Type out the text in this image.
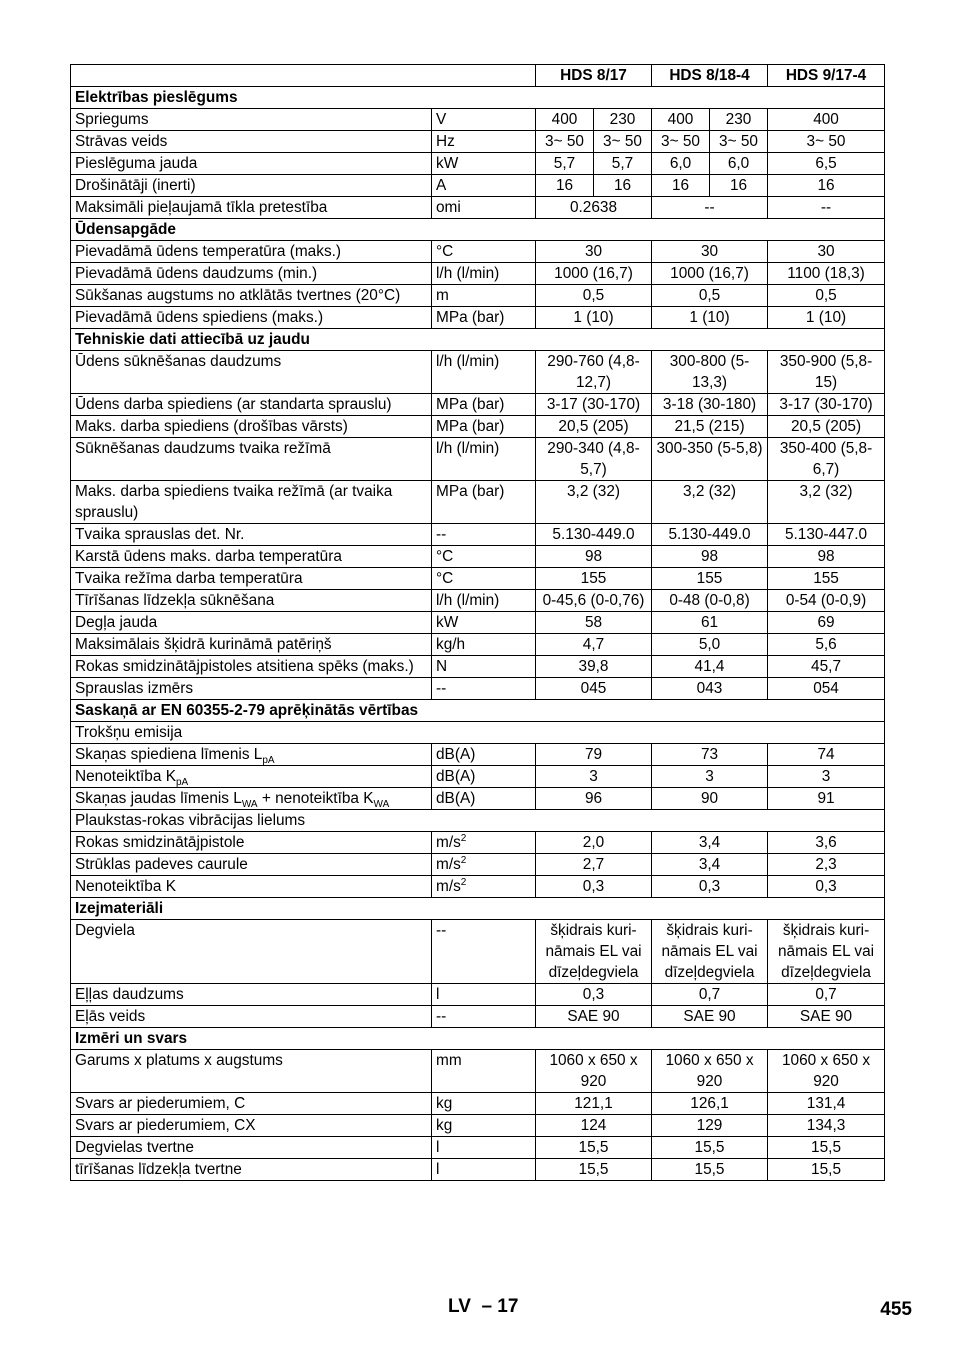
		HDS 8/17		HDS 8/18-4		HDS 9/17-4
Elektrības pieslēgums						
Spriegums	V	400	230	400	230	400
Strāvas veids	Hz	3~ 50	3~ 50	3~ 50	3~ 50	3~ 50
Pieslēguma jauda	kW	5,7	5,7	6,0	6,0	6,5
Drošinātāji (inerti)	A	16	16	16	16	16
Maksimāli pieļaujamā tīkla pretestība	omi	0.2638		--		--
Ūdensapgāde						
Pievadāmā ūdens temperatūra (maks.)	°C	30		30		30
Pievadāmā ūdens daudzums (min.)	l/h (l/min)	1000 (16,7)		1000 (16,7)		1100 (18,3)
Sūkšanas augstums no atklātās tvertnes (20°C)	m	0,5		0,5		0,5
Pievadāmā ūdens spiediens (maks.)	MPa (bar)	1 (10)		1 (10)		1 (10)
Tehniskie dati attiecībā uz jaudu						
Ūdens sūknēšanas daudzums	l/h (l/min)	290-760 (4,8-12,7)		300-800 (5-13,3)		350-900 (5,8-15)
Ūdens darba spiediens (ar standarta sprauslu)	MPa (bar)	3-17 (30-170)		3-18 (30-180)		3-17 (30-170)
Maks. darba spiediens (drošības vārsts)	MPa (bar)	20,5 (205)		21,5 (215)		20,5 (205)
Sūknēšanas daudzums tvaika režīmā	l/h (l/min)	290-340 (4,8-5,7)		300-350 (5-5,8)		350-400 (5,8-6,7)
Maks. darba spiediens tvaika režīmā (ar tvaika sprauslu)	MPa (bar)	3,2 (32)		3,2 (32)		3,2 (32)
Tvaika sprauslas det. Nr.	--	5.130-449.0		5.130-449.0		5.130-447.0
Karstā ūdens maks. darba temperatūra	°C	98		98		98
Tvaika režīma darba temperatūra	°C	155		155		155
Tīrīšanas līdzekļa sūknēšana	l/h (l/min)	0-45,6 (0-0,76)		0-48 (0-0,8)		0-54 (0-0,9)
Degļa jauda	kW	58		61		69
Maksimālais šķidrā kurināmā patēriņš	kg/h	4,7		5,0		5,6
Rokas smidzinātājpistoles atsitiena spēks (maks.)	N	39,8		41,4		45,7
Sprauslas izmērs	--	045		043		054
Saskaņā ar EN 60355-2-79 aprēķinātās vērtības						
Trokšņu emisija						
Skaņas spiediena līmenis $L_{pA}$	dB(A)	79		73		74
Nenoteiktība $K_{pA}$	dB(A)	3		3		3
Skaņas jaudas līmenis $L_{WA}$ + nenoteiktība $K_{WA}$	dB(A)	96		90		91
Plaukstas-rokas vibrācijas lielums						
Rokas smidzinātājpistole	$m/s^2$	2,0		3,4		3,6
Strūklas padeves caurule	$m/s^2$	2,7		3,4		2,3
Nenoteiktība K	$m/s^2$	0,3		0,3		0,3
Izejmateriāli						
Degviela	--	šķidrais kuri-nāmais EL vai dīzeļdegviela		šķidrais kuri-nāmais EL vai dīzeļdegviela		šķidrais kuri-nāmais EL vai dīzeļdegviela
Eļļas daudzums	l	0,3		0,7		0,7
Eļās veids	--	SAE 90		SAE 90		SAE 90
Izmēri un svars						
Garums x platums x augstums	mm	1060 x 650 x 920		1060 x 650 x 920		1060 x 650 x 920
Svars ar piederumiem, C	kg	121,1		126,1		131,4
Svars ar piederumiem, CX	kg	124		129		134,3
Degvielas tvertne	l	15,5		15,5		15,5
tīrīšanas līdzekļa tvertne	l	15,5		15,5		15,5
LV – 17	455
